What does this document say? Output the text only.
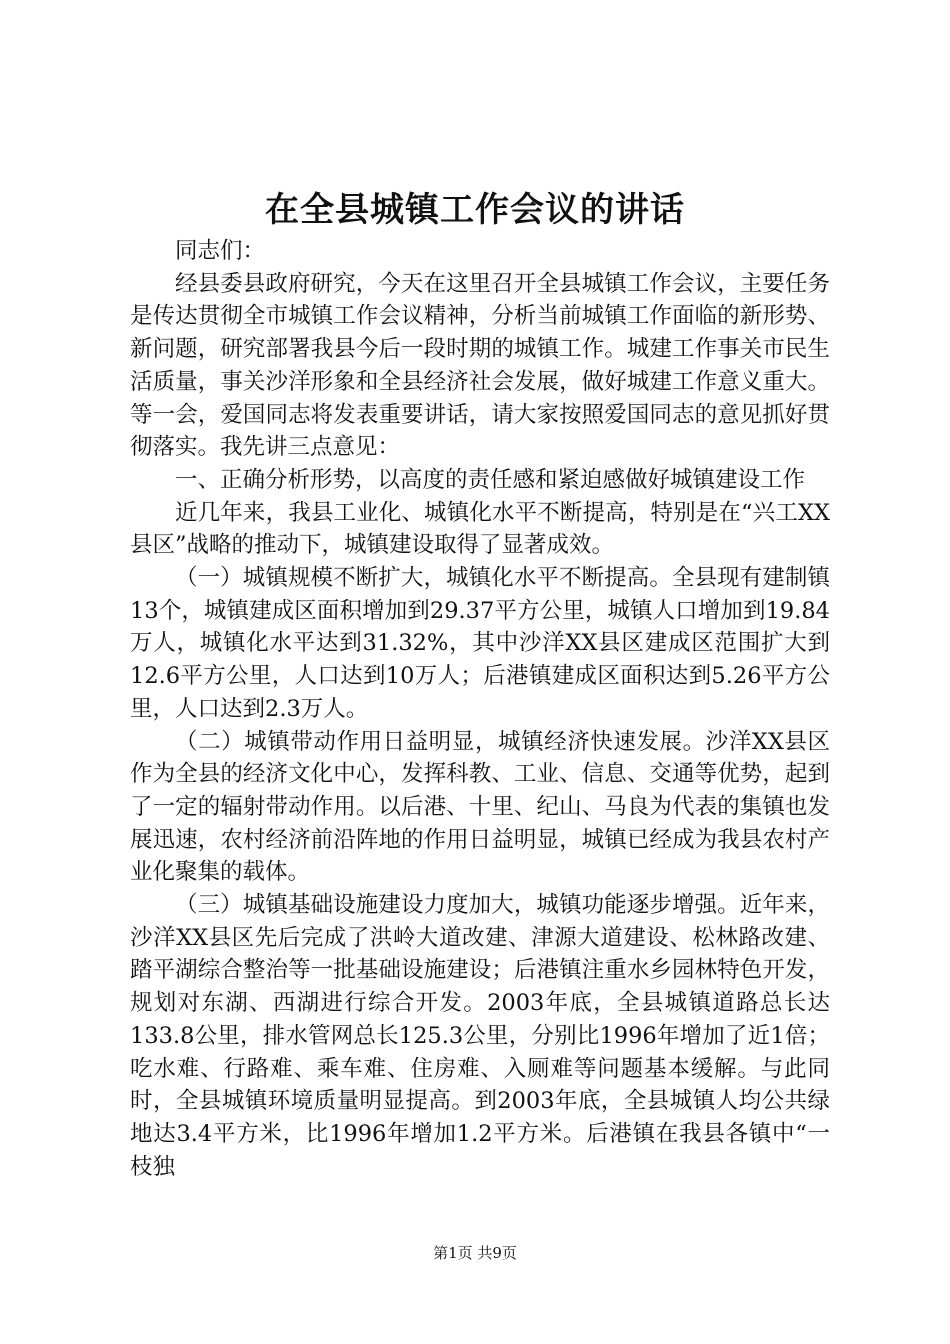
在全县城镇工作会议的讲话

同志们：

经县委县政府研究，今天在这里召开全县城镇工作会议，主要任务是传达贯彻全市城镇工作会议精神，分析当前城镇工作面临的新形势、新问题，研究部署我县今后一段时期的城镇工作。城建工作事关市民生活质量，事关沙洋形象和全县经济社会发展，做好城建工作意义重大。等一会，爱国同志将发表重要讲话，请大家按照爱国同志的意见抓好贯彻落实。我先讲三点意见：

一、正确分析形势，以高度的责任感和紧迫感做好城镇建设工作

近几年来，我县工业化、城镇化水平不断提高，特别是在“兴工XX县区”战略的推动下，城镇建设取得了显著成效。

（一）城镇规模不断扩大，城镇化水平不断提高。全县现有建制镇13个，城镇建成区面积增加到29.37平方公里，城镇人口增加到19.84万人，城镇化水平达到31.32%，其中沙洋XX县区建成区范围扩大到12.6平方公里，人口达到10万人；后港镇建成区面积达到5.26平方公里，人口达到2.3万人。

（二）城镇带动作用日益明显，城镇经济快速发展。沙洋XX县区作为全县的经济文化中心，发挥科教、工业、信息、交通等优势，起到了一定的辐射带动作用。以后港、十里、纪山、马良为代表的集镇也发展迅速，农村经济前沿阵地的作用日益明显，城镇已经成为我县农村产业化聚集的载体。

（三）城镇基础设施建设力度加大，城镇功能逐步增强。近年来，沙洋XX县区先后完成了洪岭大道改建、津源大道建设、松林路改建、踏平湖综合整治等一批基础设施建设；后港镇注重水乡园林特色开发，规划对东湖、西湖进行综合开发。2003年底，全县城镇道路总长达133.8公里，排水管网总长125.3公里，分别比1996年增加了近1倍；吃水难、行路难、乘车难、住房难、入厕难等问题基本缓解。与此同时，全县城镇环境质量明显提高。到2003年底，全县城镇人均公共绿地达3.4平方米，比1996年增加1.2平方米。后港镇在我县各镇中“一枝独

第1页 共9页
